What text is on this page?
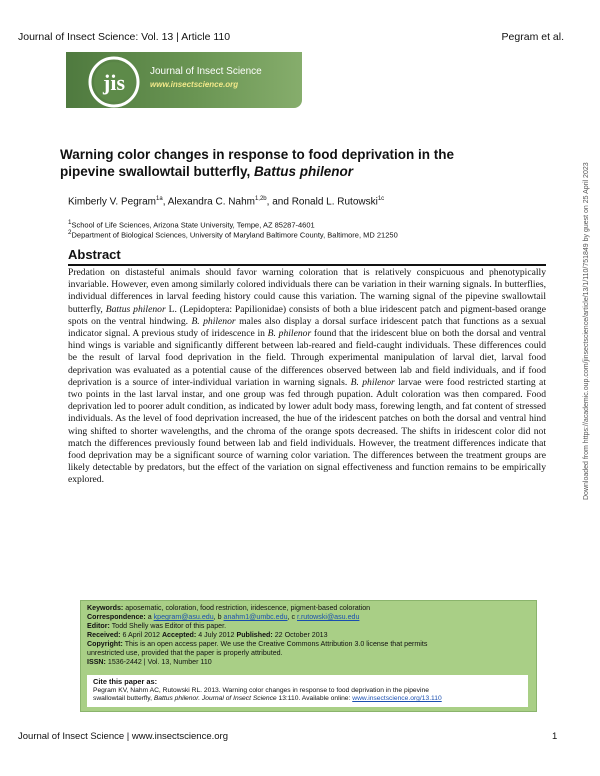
Journal of Insect Science: Vol. 13 | Article 110	Pegram et al.
jis	Journal of Insect Science
www.insectscience.org
Warning color changes in response to food deprivation in the
pipevine swallowtail butterfly, Battus philenor
Kimberly V. Pegram$^{1a}$, Alexandra C. Nahm$^{1,2b}$, and Ronald L. Rutowski$^{1c}$
$^1$School of Life Sciences, Arizona State University, Tempe, AZ 85287-4601
$^2$Department of Biological Sciences, University of Maryland Baltimore County, Baltimore, MD 21250	Downloaded from https://academic.oup.com/jinsectscience/article/13/1/110/751849 by guest on 25 April 2023
Abstract
Predation on distasteful animals should favor warning coloration that is relatively conspicuous and phenotypically invariable. However, even among similarly colored individuals there can be variation in their warning signals. In butterflies, individual differences in larval feeding history could cause this variation. The warning signal of the pipevine swallowtail butterfly, Battus philenor L. (Lepidoptera: Papilionidae) consists of both a blue iridescent patch and pigment-based orange spots on the ventral hindwing. B. philenor males also display a dorsal surface iridescent patch that functions as a sexual indicator signal. A previous study of iridescence in B. philenor found that the iridescent blue on both the dorsal and ventral hind wings is variable and significantly different between lab-reared and field-caught individuals. These differences could be the result of larval food deprivation in the field. Through experimental manipulation of larval diet, larval food deprivation was evaluated as a potential cause of the differences observed between lab and field individuals, and if food deprivation is a source of inter-individual variation in warning signals. B. philenor larvae were food restricted starting at two points in the last larval instar, and one group was fed through pupation. Adult coloration was then compared. Food deprivation led to poorer adult condition, as indicated by lower adult body mass, forewing length, and fat content of stressed individuals. As the level of food deprivation increased, the hue of the iridescent patches on both the dorsal and ventral hind wing shifted to shorter wavelengths, and the chroma of the orange spots decreased. The shifts in iridescent color did not match the differences previously found between lab and field individuals. However, the treatment differences indicate that food deprivation may be a significant source of warning color variation. The differences between the treatment groups are likely detectable by predators, but the effect of the variation on signal effectiveness and function remains to be empirically explored.
Keywords: aposematic, coloration, food restriction, iridescence, pigment-based coloration
Correspondence: a kpegram@asu.edu, b anahm1@umbc.edu, c r.rutowski@asu.edu
Editor: Todd Shelly was Editor of this paper.
Received: 6 April 2012 Accepted: 4 July 2012 Published: 22 October 2013
Copyright: This is an open access paper. We use the Creative Commons Attribution 3.0 license that permits
unrestricted use, provided that the paper is properly attributed.
ISSN: 1536-2442 | Vol. 13, Number 110
Cite this paper as:
Pegram KV, Nahm AC, Rutowski RL. 2013. Warning color changes in response to food deprivation in the pipevine
swallowtail butterfly, Battus philenor. Journal of Insect Science 13:110. Available online: www.insectscience.org/13.110
Journal of Insect Science | www.insectscience.org	1
